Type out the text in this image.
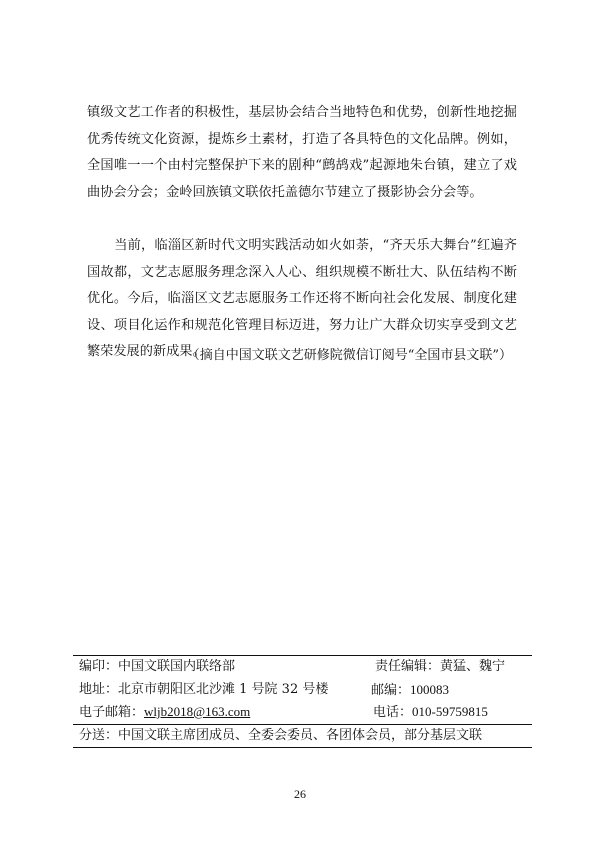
镇级文艺工作者的积极性，基层协会结合当地特色和优势，创新性地挖掘优秀传统文化资源，提炼乡土素材，打造了各具特色的文化品牌。例如，全国唯一一个由村完整保护下来的剧种“鹧鸪戏”起源地朱台镇，建立了戏曲协会分会；金岭回族镇文联依托盖德尔节建立了摄影协会分会等。

当前，临淄区新时代文明实践活动如火如荼，“齐天乐大舞台”红遍齐国故都，文艺志愿服务理念深入人心、组织规模不断壮大、队伍结构不断优化。今后，临淄区文艺志愿服务工作还将不断向社会化发展、制度化建设、项目化运作和规范化管理目标迈进，努力让广大群众切实享受到文艺繁荣发展的新成果。

（摘自中国文联文艺研修院微信订阅号“全国市县文联”）
编印：中国文联国内联络部	责任编辑：黄猛、魏宁
地址：北京市朝阳区北沙滩 1 号院 32 号楼	邮编：100083
电子邮箱：wljb2018@163.com	电话：010-59759815
分送：中国文联主席团成员、全委会委员、各团体会员，部分基层文联
26
